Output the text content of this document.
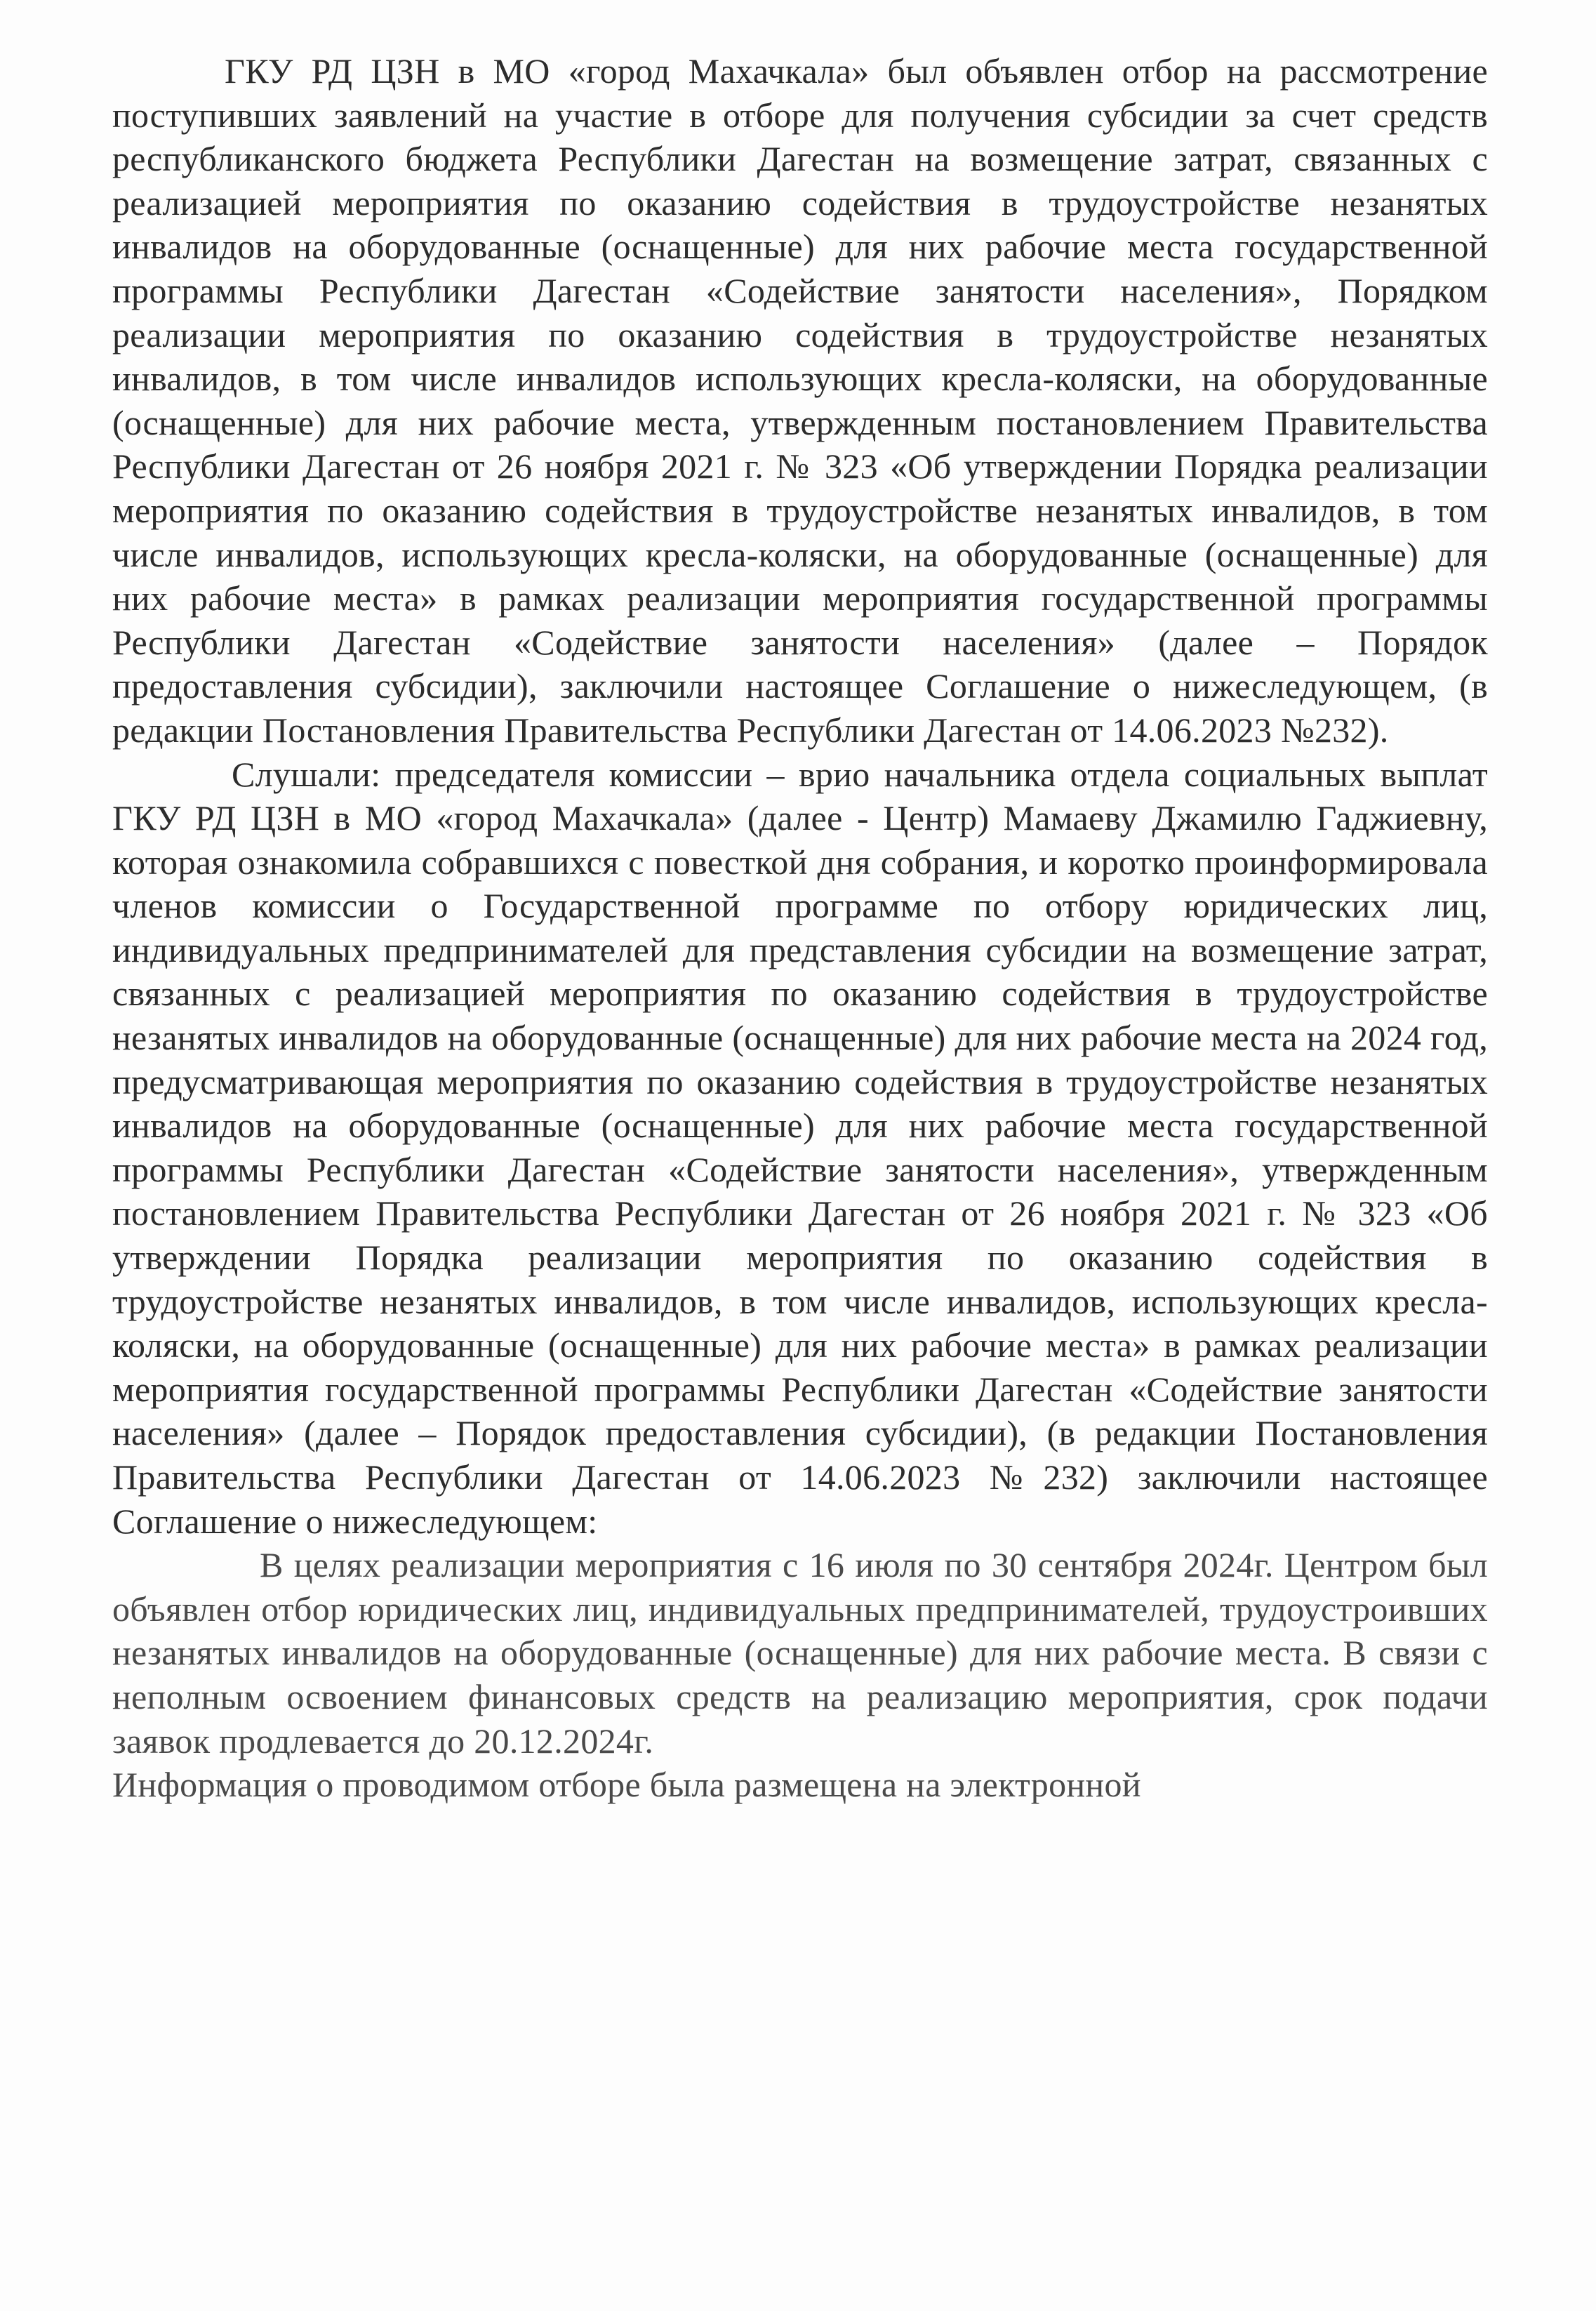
ГКУ РД ЦЗН в МО «город Махачкала» был объявлен отбор на рассмотрение поступивших заявлений на участие в отборе для получения субсидии за счет средств республиканского бюджета Республики Дагестан на возмещение затрат, связанных с реализацией мероприятия по оказанию содействия в трудоустройстве незанятых инвалидов на оборудованные (оснащенные) для них рабочие места государственной программы Республики Дагестан «Содействие занятости населения», Порядком реализации мероприятия по оказанию содействия в трудоустройстве незанятых инвалидов, в том числе инвалидов использующих кресла-коляски, на оборудованные (оснащенные) для них рабочие места, утвержденным постановлением Правительства Республики Дагестан от 26 ноября 2021 г. № 323 «Об утверждении Порядка реализации мероприятия по оказанию содействия в трудоустройстве незанятых инвалидов, в том числе инвалидов, использующих кресла-коляски, на оборудованные (оснащенные) для них рабочие места» в рамках реализации мероприятия государственной программы Республики Дагестан «Содействие занятости населения» (далее – Порядок предоставления субсидии), заключили настоящее Соглашение о нижеследующем, (в редакции Постановления Правительства Республики Дагестан от 14.06.2023 №232).

Слушали: председателя комиссии – врио начальника отдела социальных выплат ГКУ РД ЦЗН в МО «город Махачкала» (далее - Центр) Мамаеву Джамилю Гаджиевну, которая ознакомила собравшихся с повесткой дня собрания, и коротко проинформировала членов комиссии о Государственной программе по отбору юридических лиц, индивидуальных предпринимателей для представления субсидии на возмещение затрат, связанных с реализацией мероприятия по оказанию содействия в трудоустройстве незанятых инвалидов на оборудованные (оснащенные) для них рабочие места на 2024 год, предусматривающая мероприятия по оказанию содействия в трудоустройстве незанятых инвалидов на оборудованные (оснащенные) для них рабочие места государственной программы Республики Дагестан «Содействие занятости населения», утвержденным постановлением Правительства Республики Дагестан от 26 ноября 2021 г. № 323 «Об утверждении Порядка реализации мероприятия по оказанию содействия в трудоустройстве незанятых инвалидов, в том числе инвалидов, использующих кресла-коляски, на оборудованные (оснащенные) для них рабочие места» в рамках реализации мероприятия государственной программы Республики Дагестан «Содействие занятости населения» (далее – Порядок предоставления субсидии), (в редакции Постановления Правительства Республики Дагестан от 14.06.2023 №232) заключили настоящее Соглашение о нижеследующем:

В целях реализации мероприятия с 16 июля по 30 сентября 2024г. Центром был объявлен отбор юридических лиц, индивидуальных предпринимателей, трудоустроивших незанятых инвалидов на оборудованные (оснащенные) для них рабочие места. В связи с неполным освоением финансовых средств на реализацию мероприятия, срок подачи заявок продлевается до 20.12.2024г.

Информация о проводимом отборе была размещена на электронной
